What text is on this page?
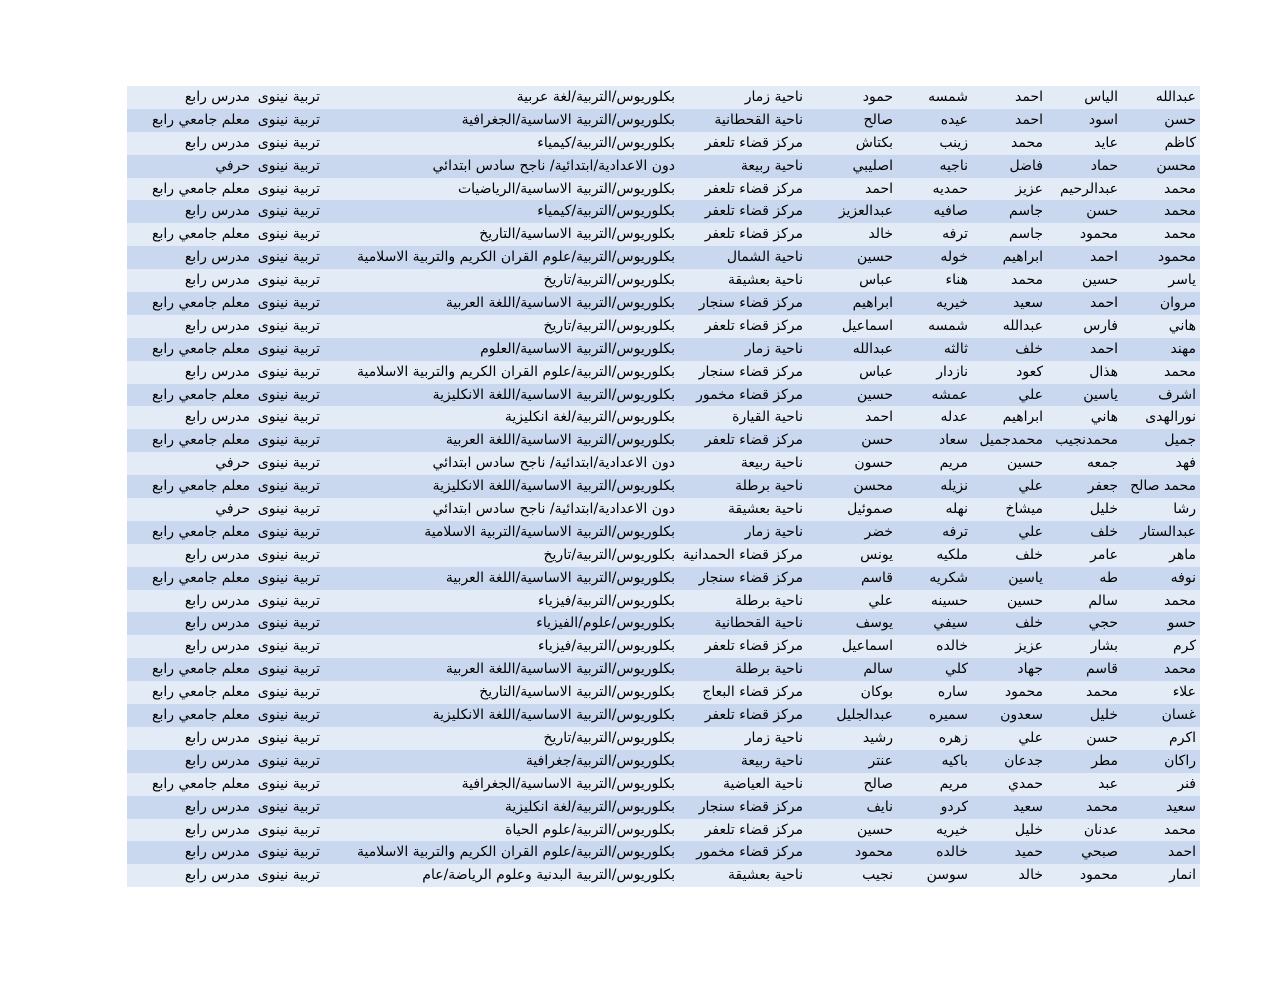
عبدالله
الياس
احمد
شمسه
حمود
ناحية زمار
بكلوريوس/التربية/لغة عربية
تربية نينوى
مدرس رابع
حسن
اسود
احمد
عيده
صالح
ناحية القحطانية
بكلوريوس/التربية الاساسية/الجغرافية
تربية نينوى
معلم جامعي رابع
كاظم
عايد
محمد
زينب
بكتاش
مركز قضاء تلعفر
بكلوريوس/التربية/كيمياء
تربية نينوى
مدرس رابع
محسن
حماد
فاضل
ناجيه
اصليبي
ناحية ربيعة
دون الاعدادية/ابتدائية/ ناجح سادس ابتدائي
تربية نينوى
حرفي
محمد
عبدالرحيم
عزيز
حمديه
احمد
مركز قضاء تلعفر
بكلوريوس/التربية الاساسية/الرياضيات
تربية نينوى
معلم جامعي رابع
محمد
حسن
جاسم
صافيه
عبدالعزيز
مركز قضاء تلعفر
بكلوريوس/التربية/كيمياء
تربية نينوى
مدرس رابع
محمد
محمود
جاسم
ترفه
خالد
مركز قضاء تلعفر
بكلوريوس/التربية الاساسية/التاريخ
تربية نينوى
معلم جامعي رابع
محمود
احمد
ابراهيم
خوله
حسين
ناحية الشمال
بكلوريوس/التربية/علوم القران الكريم والتربية الاسلامية
تربية نينوى
مدرس رابع
ياسر
حسين
محمد
هناء
عباس
ناحية بعشيقة
بكلوريوس/التربية/تاريخ
تربية نينوى
مدرس رابع
مروان
احمد
سعيد
خيريه
ابراهيم
مركز قضاء سنجار
بكلوريوس/التربية الاساسية/اللغة العربية
تربية نينوى
معلم جامعي رابع
هاني
فارس
عبدالله
شمسه
اسماعيل
مركز قضاء تلعفر
بكلوريوس/التربية/تاريخ
تربية نينوى
مدرس رابع
مهند
احمد
خلف
ثالثه
عبدالله
ناحية زمار
بكلوريوس/التربية الاساسية/العلوم
تربية نينوى
معلم جامعي رابع
محمد
هذال
كعود
نازدار
عباس
مركز قضاء سنجار
بكلوريوس/التربية/علوم القران الكريم والتربية الاسلامية
تربية نينوى
مدرس رابع
اشرف
ياسين
علي
عمشه
حسين
مركز قضاء مخمور
بكلوريوس/التربية الاساسية/اللغة الانكليزية
تربية نينوى
معلم جامعي رابع
نورالهدى
هاني
ابراهيم
عدله
احمد
ناحية القيارة
بكلوريوس/التربية/لغة انكليزية
تربية نينوى
مدرس رابع
جميل
محمدنجيب
محمدجميل
سعاد
حسن
مركز قضاء تلعفر
بكلوريوس/التربية الاساسية/اللغة العربية
تربية نينوى
معلم جامعي رابع
فهد
جمعه
حسين
مريم
حسون
ناحية ربيعة
دون الاعدادية/ابتدائية/ ناجح سادس ابتدائي
تربية نينوى
حرفي
محمد صالح
جعفر
علي
نزيله
محسن
ناحية برطلة
بكلوريوس/التربية الاساسية/اللغة الانكليزية
تربية نينوى
معلم جامعي رابع
رشا
خليل
ميشاخ
نهله
صموئيل
ناحية بعشيقة
دون الاعدادية/ابتدائية/ ناجح سادس ابتدائي
تربية نينوى
حرفي
عبدالستار
خلف
علي
ترفه
خضر
ناحية زمار
بكلوريوس/التربية الاساسية/التربية الاسلامية
تربية نينوى
معلم جامعي رابع
ماهر
عامر
خلف
ملكيه
يونس
مركز قضاء الحمدانية
بكلوريوس/التربية/تاريخ
تربية نينوى
مدرس رابع
نوفه
طه
ياسين
شكريه
قاسم
مركز قضاء سنجار
بكلوريوس/التربية الاساسية/اللغة العربية
تربية نينوى
معلم جامعي رابع
محمد
سالم
حسين
حسينه
علي
ناحية برطلة
بكلوريوس/التربية/فيزياء
تربية نينوى
مدرس رابع
حسو
حجي
خلف
سيفي
يوسف
ناحية القحطانية
بكلوريوس/علوم/الفيزياء
تربية نينوى
مدرس رابع
كرم
بشار
عزيز
خالده
اسماعيل
مركز قضاء تلعفر
بكلوريوس/التربية/فيزياء
تربية نينوى
مدرس رابع
محمد
قاسم
جهاد
كلي
سالم
ناحية برطلة
بكلوريوس/التربية الاساسية/اللغة العربية
تربية نينوى
معلم جامعي رابع
علاء
محمد
محمود
ساره
بوكان
مركز قضاء البعاج
بكلوريوس/التربية الاساسية/التاريخ
تربية نينوى
معلم جامعي رابع
غسان
خليل
سعدون
سميره
عبدالجليل
مركز قضاء تلعفر
بكلوريوس/التربية الاساسية/اللغة الانكليزية
تربية نينوى
معلم جامعي رابع
اكرم
حسن
علي
زهره
رشيد
ناحية زمار
بكلوريوس/التربية/تاريخ
تربية نينوى
مدرس رابع
راكان
مطر
جدعان
باكيه
عنتر
ناحية ربيعة
بكلوريوس/التربية/جغرافية
تربية نينوى
مدرس رابع
فنر
عبد
حمدي
مريم
صالح
ناحية العياضية
بكلوريوس/التربية الاساسية/الجغرافية
تربية نينوى
معلم جامعي رابع
سعيد
محمد
سعيد
كردو
نايف
مركز قضاء سنجار
بكلوريوس/التربية/لغة انكليزية
تربية نينوى
مدرس رابع
محمد
عدنان
خليل
خيريه
حسين
مركز قضاء تلعفر
بكلوريوس/التربية/علوم الحياة
تربية نينوى
مدرس رابع
احمد
صبحي
حميد
خالده
محمود
مركز قضاء مخمور
بكلوريوس/التربية/علوم القران الكريم والتربية الاسلامية
تربية نينوى
مدرس رابع
انمار
محمود
خالد
سوسن
نجيب
ناحية بعشيقة
بكلوريوس/التربية البدنية وعلوم الرياضة/عام
تربية نينوى
مدرس رابع
